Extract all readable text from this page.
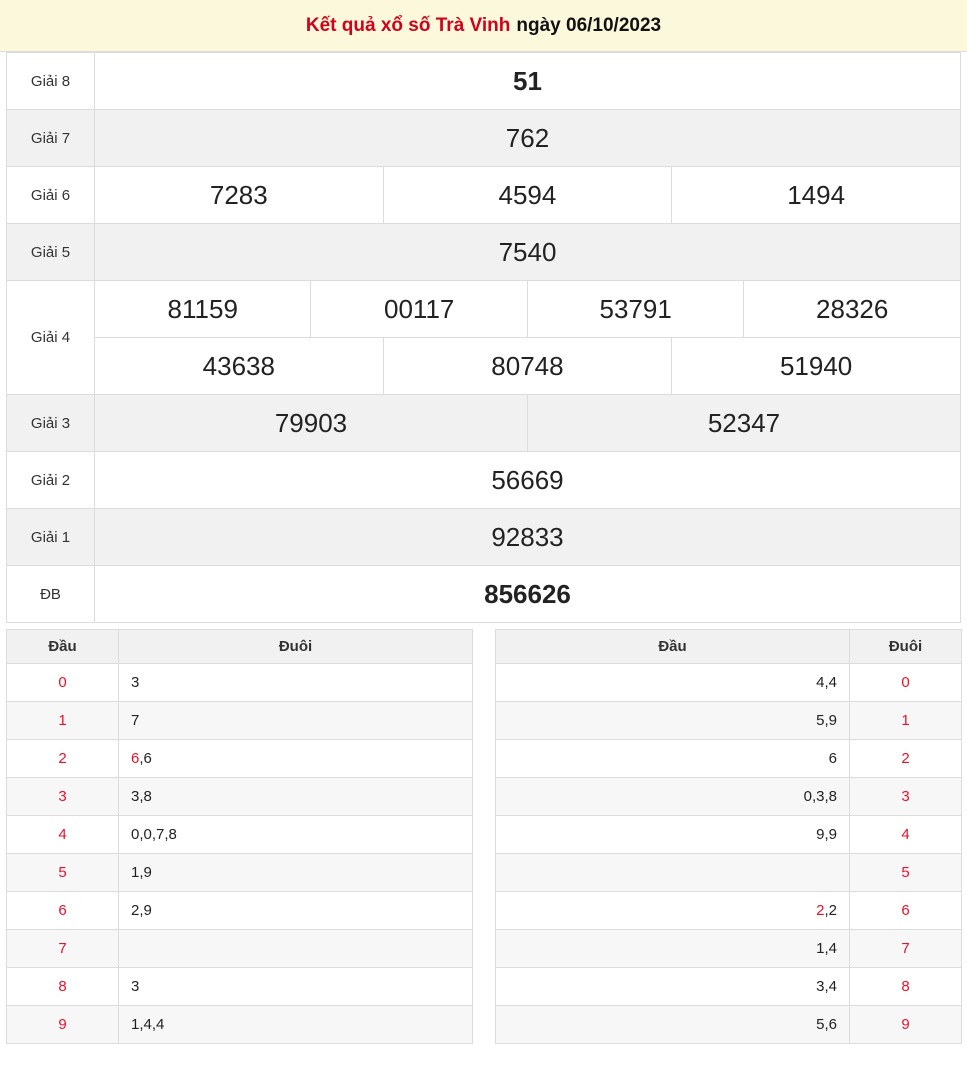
Kết quả xổ số Trà Vinh ngày 06/10/2023
Giải 8	51					
Giải 7	762					
Giải 6	7283		4594		1494	
Giải 5	7540					
Giải 4	81159	00117		53791		28326
	43638		80748		51940	
Giải 3	79903			52347		
Giải 2	56669					
Giải 1	92833					
ĐB	856626					
Đầu	Đuôi
0	3
1	7
2	6,6
3	3,8
4	0,0,7,8
5	1,9
6	2,9
7	
8	3
9	1,4,4
Đầu	Đuôi
4,4	0
5,9	1
6	2
0,3,8	3
9,9	4
	5
2,2	6
1,4	7
3,4	8
5,6	9
